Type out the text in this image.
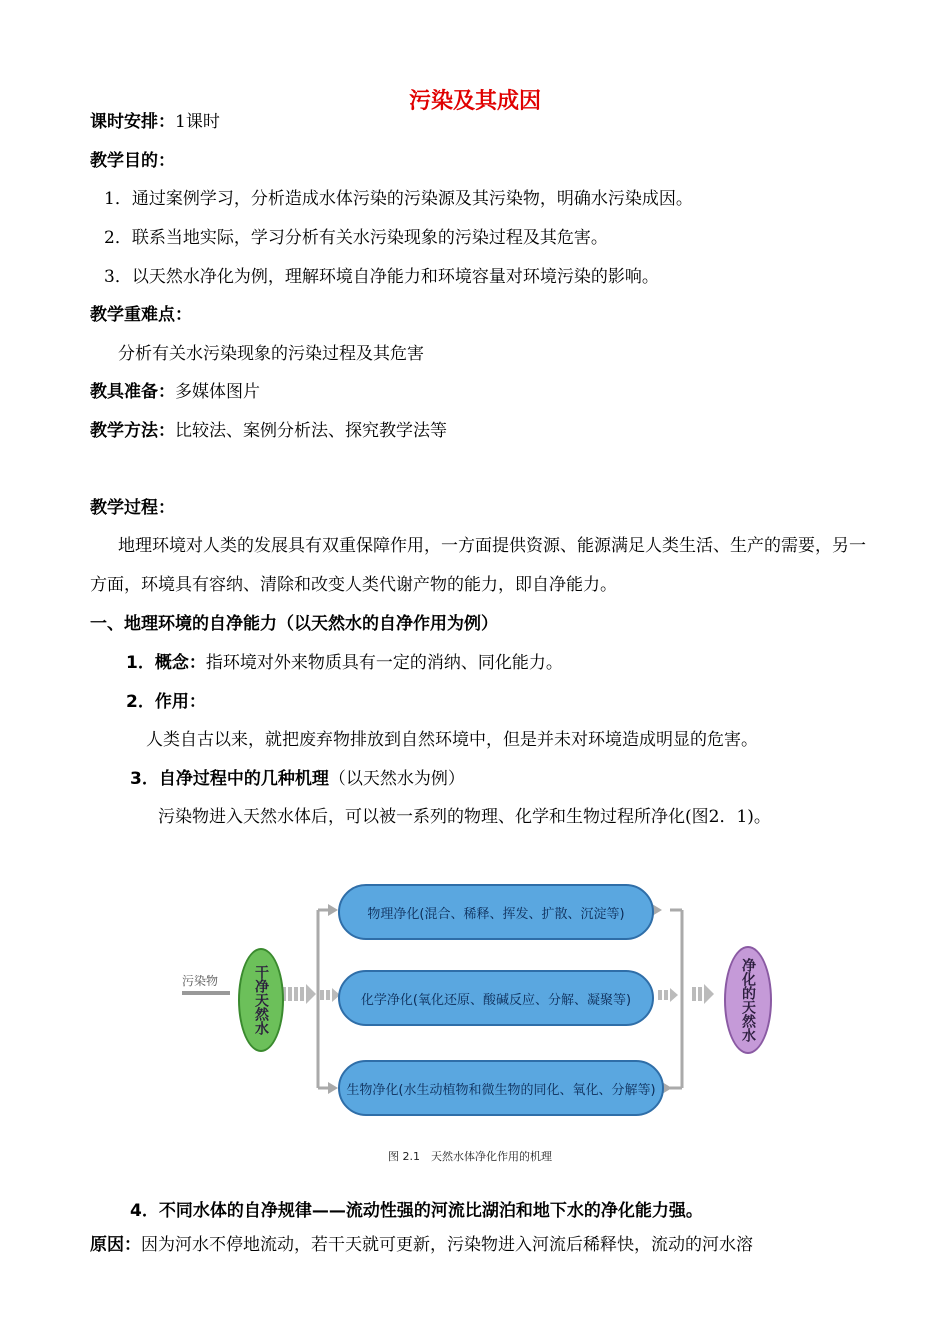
污染及其成因
课时安排：1课时
教学目的：
1．通过案例学习，分析造成水体污染的污染源及其污染物，明确水污染成因。
2．联系当地实际，学习分析有关水污染现象的污染过程及其危害。
3．以天然水净化为例，理解环境自净能力和环境容量对环境污染的影响。
教学重难点：
分析有关水污染现象的污染过程及其危害
教具准备：多媒体图片
教学方法：比较法、案例分析法、探究教学法等
教学过程：
地理环境对人类的发展具有双重保障作用，一方面提供资源、能源满足人类生活、生产的需要，另一方面，环境具有容纳、清除和改变人类代谢产物的能力，即自净能力。
一、地理环境的自净能力（以天然水的自净作用为例）
1．概念：指环境对外来物质具有一定的消纳、同化能力。
2．作用：
人类自古以来，就把废弃物排放到自然环境中，但是并未对环境造成明显的危害。
3．自净过程中的几种机理（以天然水为例）
污染物进入天然水体后，可以被一系列的物理、化学和生物过程所净化(图2．1)。
污染物	干净天然水
物理净化(混合、稀释、挥发、扩散、沉淀等)
化学净化(氧化还原、酸碱反应、分解、凝聚等)
生物净化(水生动植物和微生物的同化、氧化、分解等)
净化的天然水
图 2.1　天然水体净化作用的机理
4．不同水体的自净规律——流动性强的河流比湖泊和地下水的净化能力强。
原因：因为河水不停地流动，若干天就可更新，污染物进入河流后稀释快，流动的河水溶
